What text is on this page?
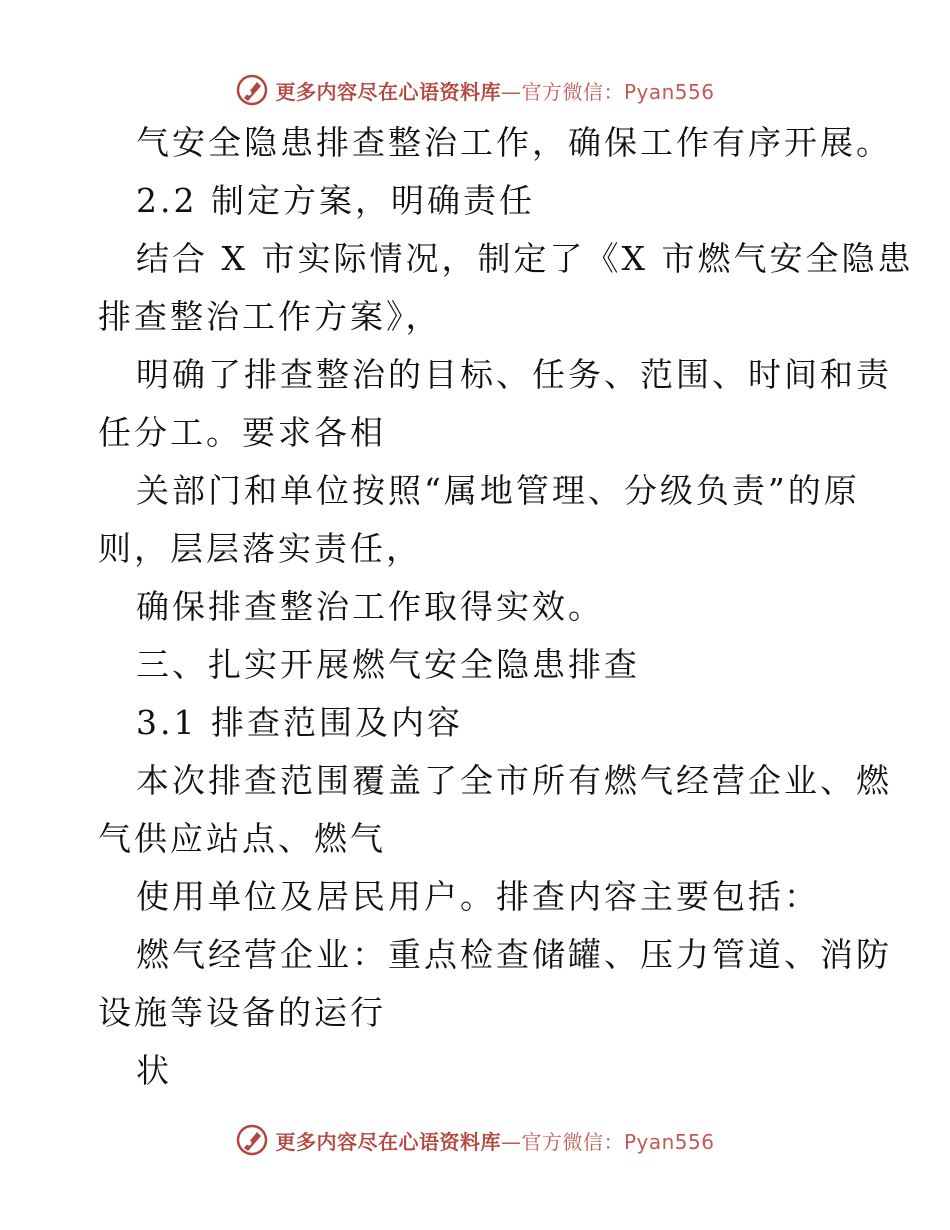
更多内容尽在心语资料库—官方微信：Pyan556
气安全隐患排查整治工作，确保工作有序开展。
2.2 制定方案，明确责任
结合 X 市实际情况，制定了《X 市燃气安全隐患
排查整治工作方案》，
明确了排查整治的目标、任务、范围、时间和责
任分工。要求各相
关部门和单位按照“属地管理、分级负责”的原
则，层层落实责任，
确保排查整治工作取得实效。
三、扎实开展燃气安全隐患排查
3.1 排查范围及内容
本次排查范围覆盖了全市所有燃气经营企业、燃
气供应站点、燃气
使用单位及居民用户。排查内容主要包括：
燃气经营企业：重点检查储罐、压力管道、消防
设施等设备的运行
状
更多内容尽在心语资料库—官方微信：Pyan556
